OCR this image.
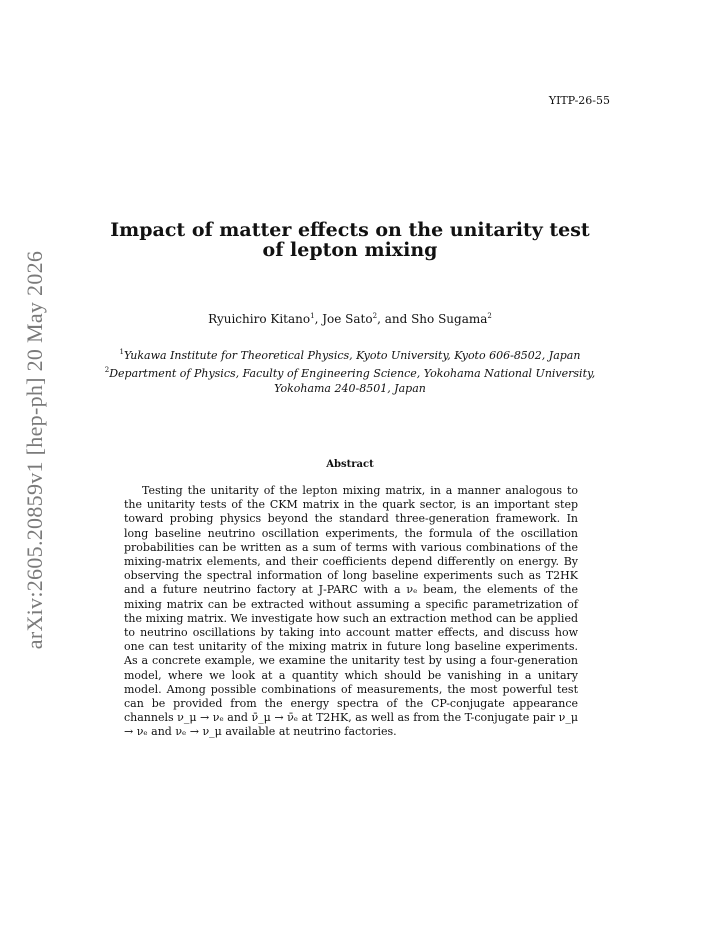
YITP-26-55
arXiv:2605.20859v1 [hep-ph] 20 May 2026
Impact of matter effects on the unitarity test of lepton mixing
Ryuichiro Kitano$^1$, Joe Sato$^2$, and Sho Sugama$^2$

$^1$Yukawa Institute for Theoretical Physics, Kyoto University, Kyoto 606-8502, Japan

$^2$Department of Physics, Faculty of Engineering Science, Yokohama National University, Yokohama 240-8501, Japan

Abstract

Testing the unitarity of the lepton mixing matrix, in a manner analogous to the unitarity tests of the CKM matrix in the quark sector, is an important step toward probing physics beyond the standard three-generation framework. In long baseline neutrino oscillation experiments, the formula of the oscillation probabilities can be written as a sum of terms with various combinations of the mixing-matrix elements, and their coefficients depend differently on energy. By observing the spectral information of long baseline experiments such as T2HK and a future neutrino factory at J-PARC with a νₑ beam, the elements of the mixing matrix can be extracted without assuming a specific parametrization of the mixing matrix. We investigate how such an extraction method can be applied to neutrino oscillations by taking into account matter effects, and discuss how one can test unitarity of the mixing matrix in future long baseline experiments. As a concrete example, we examine the unitarity test by using a four-generation model, where we look at a quantity which should be vanishing in a unitary model. Among possible combinations of measurements, the most powerful test can be provided from the energy spectra of the CP-conjugate appearance channels ν_μ → νₑ and ν̄_μ → ν̄ₑ at T2HK, as well as from the T-conjugate pair ν_μ → νₑ and νₑ → ν_μ available at neutrino factories.
